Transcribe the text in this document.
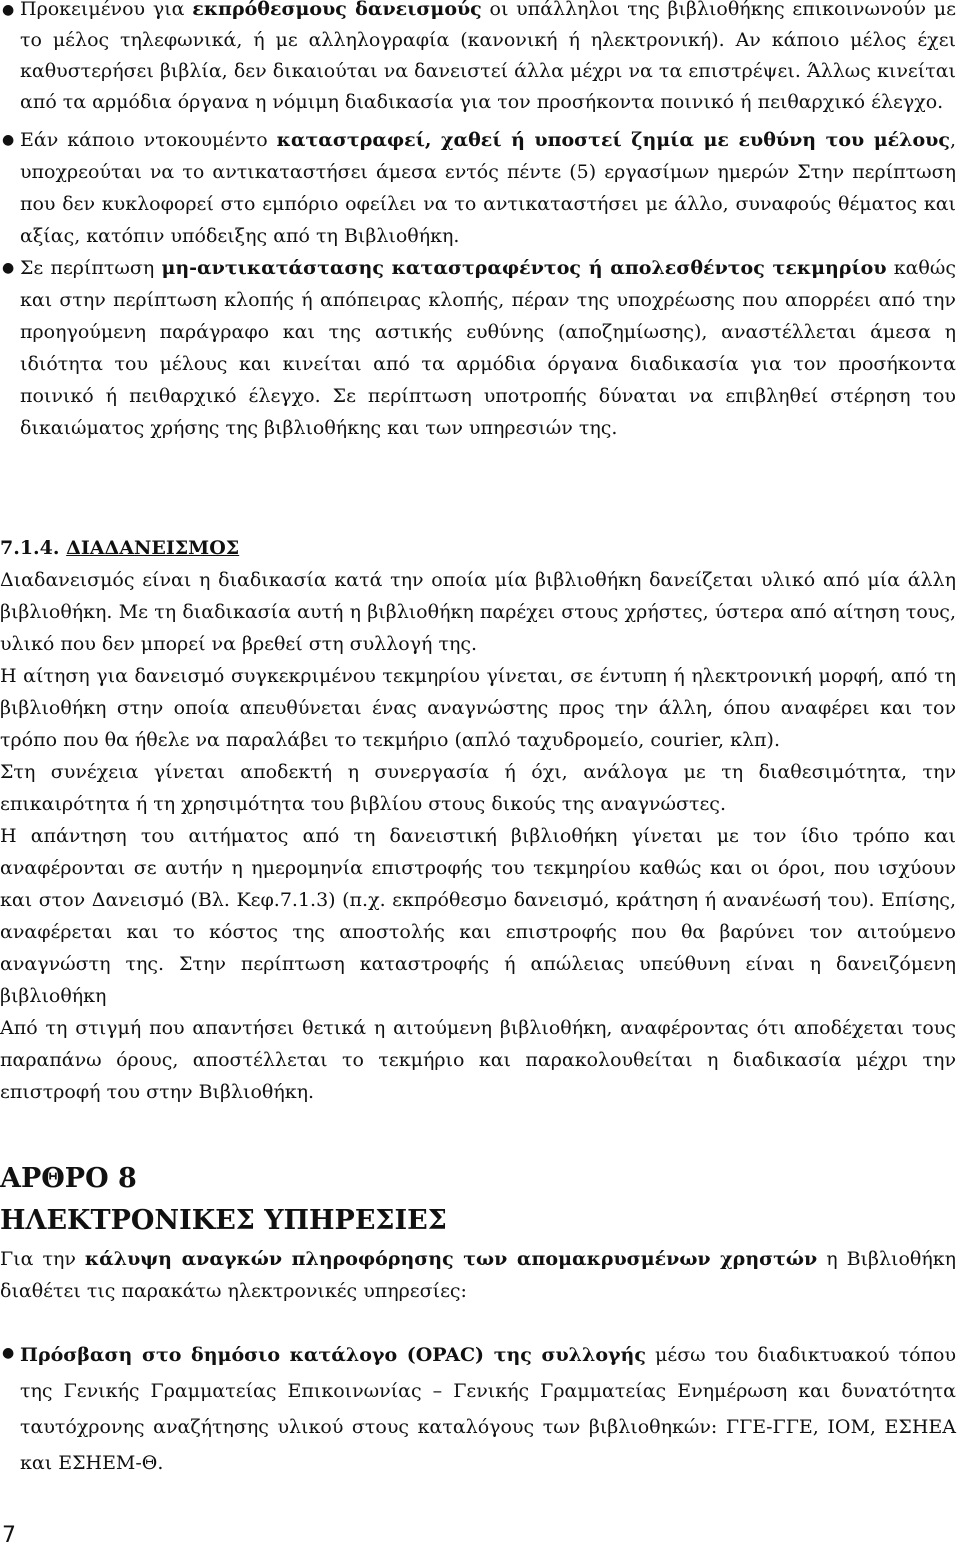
● Προκειμένου για εκπρόθεσμους δανεισμούς οι υπάλληλοι της βιβλιοθήκης επικοινωνούν με το μέλος τηλεφωνικά, ή με αλληλογραφία (κανονική ή ηλεκτρονική). Αν κάποιο μέλος έχει καθυστερήσει βιβλία, δεν δικαιούται να δανειστεί άλλα μέχρι να τα επιστρέψει. Άλλως κινείται από τα αρμόδια όργανα η νόμιμη διαδικασία για τον προσήκοντα ποινικό ή πειθαρχικό έλεγχο.
● Εάν κάποιο ντοκουμέντο καταστραφεί, χαθεί ή υποστεί ζημία με ευθύνη του μέλους, υποχρεούται να το αντικαταστήσει άμεσα εντός πέντε (5) εργασίμων ημερών Στην περίπτωση που δεν κυκλοφορεί στο εμπόριο οφείλει να το αντικαταστήσει με άλλο, συναφούς θέματος και αξίας, κατόπιν υπόδειξης από τη Βιβλιοθήκη.
● Σε περίπτωση μη-αντικατάστασης καταστραφέντος ή απολεσθέντος τεκμηρίου καθώς και στην περίπτωση κλοπής ή απόπειρας κλοπής, πέραν της υποχρέωσης που απορρέει από την προηγούμενη παράγραφο και της αστικής ευθύνης (αποζημίωσης), αναστέλλεται άμεσα η ιδιότητα του μέλους και κινείται από τα αρμόδια όργανα διαδικασία για τον προσήκοντα ποινικό ή πειθαρχικό έλεγχο. Σε περίπτωση υποτροπής δύναται να επιβληθεί στέρηση του δικαιώματος χρήσης της βιβλιοθήκης και των υπηρεσιών της.
7.1.4. ΔΙΑΔΑΝΕΙΣΜΟΣ

Διαδανεισμός είναι η διαδικασία κατά την οποία μία βιβλιοθήκη δανείζεται υλικό από μία άλλη βιβλιοθήκη. Με τη διαδικασία αυτή η βιβλιοθήκη παρέχει στους χρήστες, ύστερα από αίτηση τους, υλικό που δεν μπορεί να βρεθεί στη συλλογή της.

Η αίτηση για δανεισμό συγκεκριμένου τεκμηρίου γίνεται, σε έντυπη ή ηλεκτρονική μορφή, από τη βιβλιοθήκη στην οποία απευθύνεται ένας αναγνώστης προς την άλλη, όπου αναφέρει και τον τρόπο που θα ήθελε να παραλάβει το τεκμήριο (απλό ταχυδρομείο, courier, κλπ).

Στη συνέχεια γίνεται αποδεκτή η συνεργασία ή όχι, ανάλογα με τη διαθεσιμότητα, την επικαιρότητα ή τη χρησιμότητα του βιβλίου στους δικούς της αναγνώστες.

Η απάντηση του αιτήματος από τη δανειστική βιβλιοθήκη γίνεται με τον ίδιο τρόπο και αναφέρονται σε αυτήν η ημερομηνία επιστροφής του τεκμηρίου καθώς και οι όροι, που ισχύουν και στον Δανεισμό (Βλ. Κεφ.7.1.3) (π.χ. εκπρόθεσμο δανεισμό, κράτηση ή ανανέωσή του). Επίσης, αναφέρεται και το κόστος της αποστολής και επιστροφής που θα βαρύνει τον αιτούμενο αναγνώστη της. Στην περίπτωση καταστροφής ή απώλειας υπεύθυνη είναι η δανειζόμενη βιβλιοθήκη

Από τη στιγμή που απαντήσει θετικά η αιτούμενη βιβλιοθήκη, αναφέροντας ότι αποδέχεται τους παραπάνω όρους, αποστέλλεται το τεκμήριο και παρακολουθείται η διαδικασία μέχρι την επιστροφή του στην Βιβλιοθήκη.

ΑΡΘΡΟ 8
ΗΛΕΚΤΡΟΝΙΚΕΣ ΥΠΗΡΕΣΙΕΣ
Για την κάλυψη αναγκών πληροφόρησης των απομακρυσμένων χρηστών η Βιβλιοθήκη διαθέτει τις παρακάτω ηλεκτρονικές υπηρεσίες:
● Πρόσβαση στο δημόσιο κατάλογο (OPAC) της συλλογής μέσω του διαδικτυακού τόπου της Γενικής Γραμματείας Επικοινωνίας – Γενικής Γραμματείας Ενημέρωση και δυνατότητα ταυτόχρονης αναζήτησης υλικού στους καταλόγους των βιβλιοθηκών: ΓΓΕ-ΓΓΕ, ΙΟΜ, ΕΣΗΕΑ και ΕΣΗΕΜ-Θ.
7
